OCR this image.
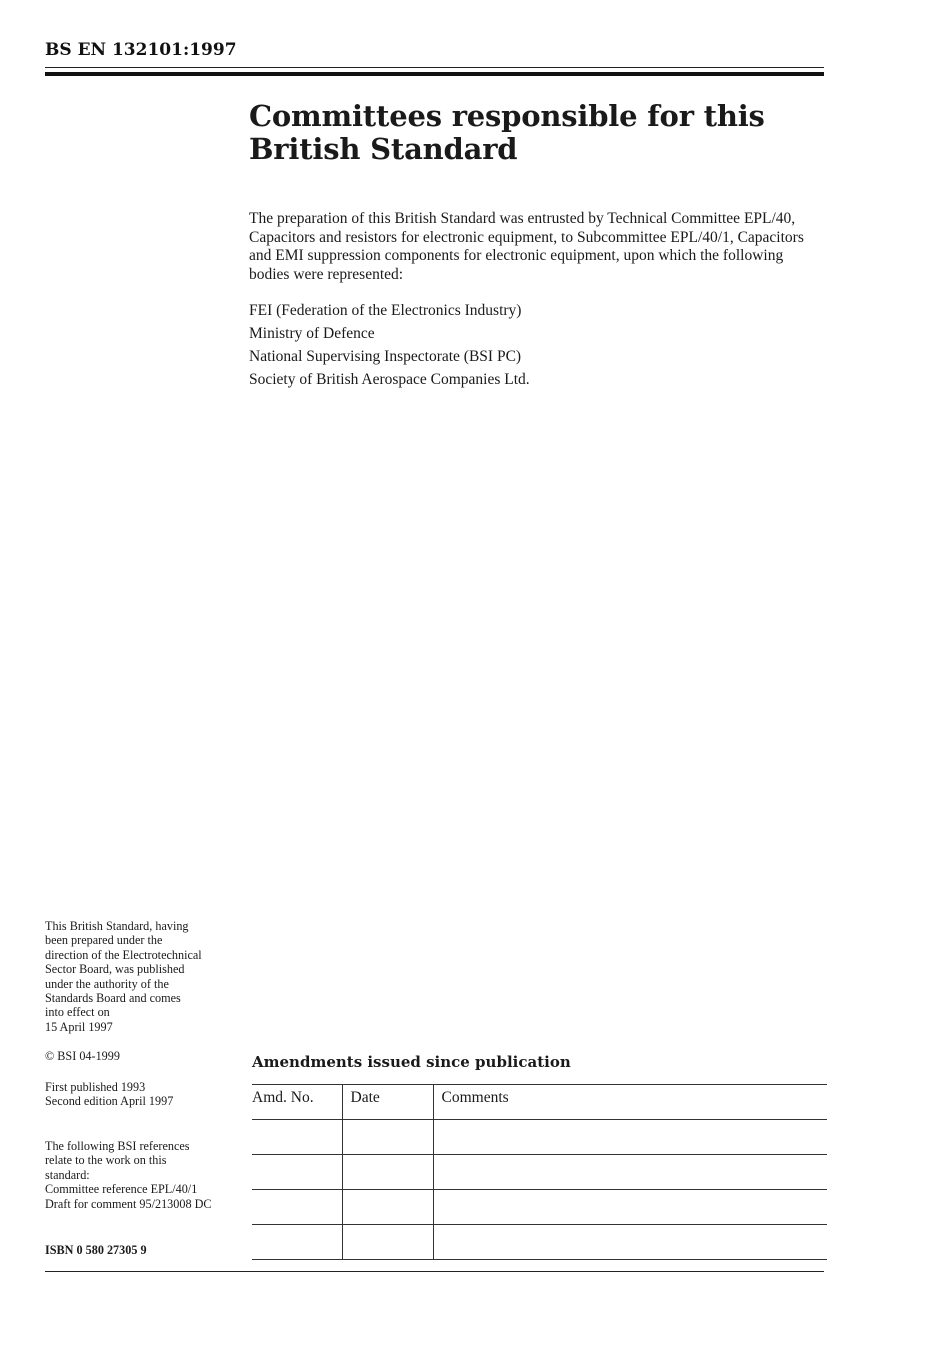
BS EN 132101:1997
Committees responsible for this
British Standard

The preparation of this British Standard was entrusted by Technical Committee EPL/40, Capacitors and resistors for electronic equipment, to Subcommittee EPL/40/1, Capacitors and EMI suppression components for electronic equipment, upon which the following bodies were represented:

FEI (Federation of the Electronics Industry)
Ministry of Defence
National Supervising Inspectorate (BSI PC)
Society of British Aerospace Companies Ltd.
This British Standard, having
been prepared under the
direction of the Electrotechnical
Sector Board, was published
under the authority of the
Standards Board and comes
into effect on
15 April 1997
© BSI 04-1999
First published 1993
Second edition April 1997
The following BSI references
relate to the work on this
standard:
Committee reference EPL/40/1
Draft for comment 95/213008 DC
ISBN 0 580 27305 9
Amendments issued since publication
Amd. No.	Date	Comments
